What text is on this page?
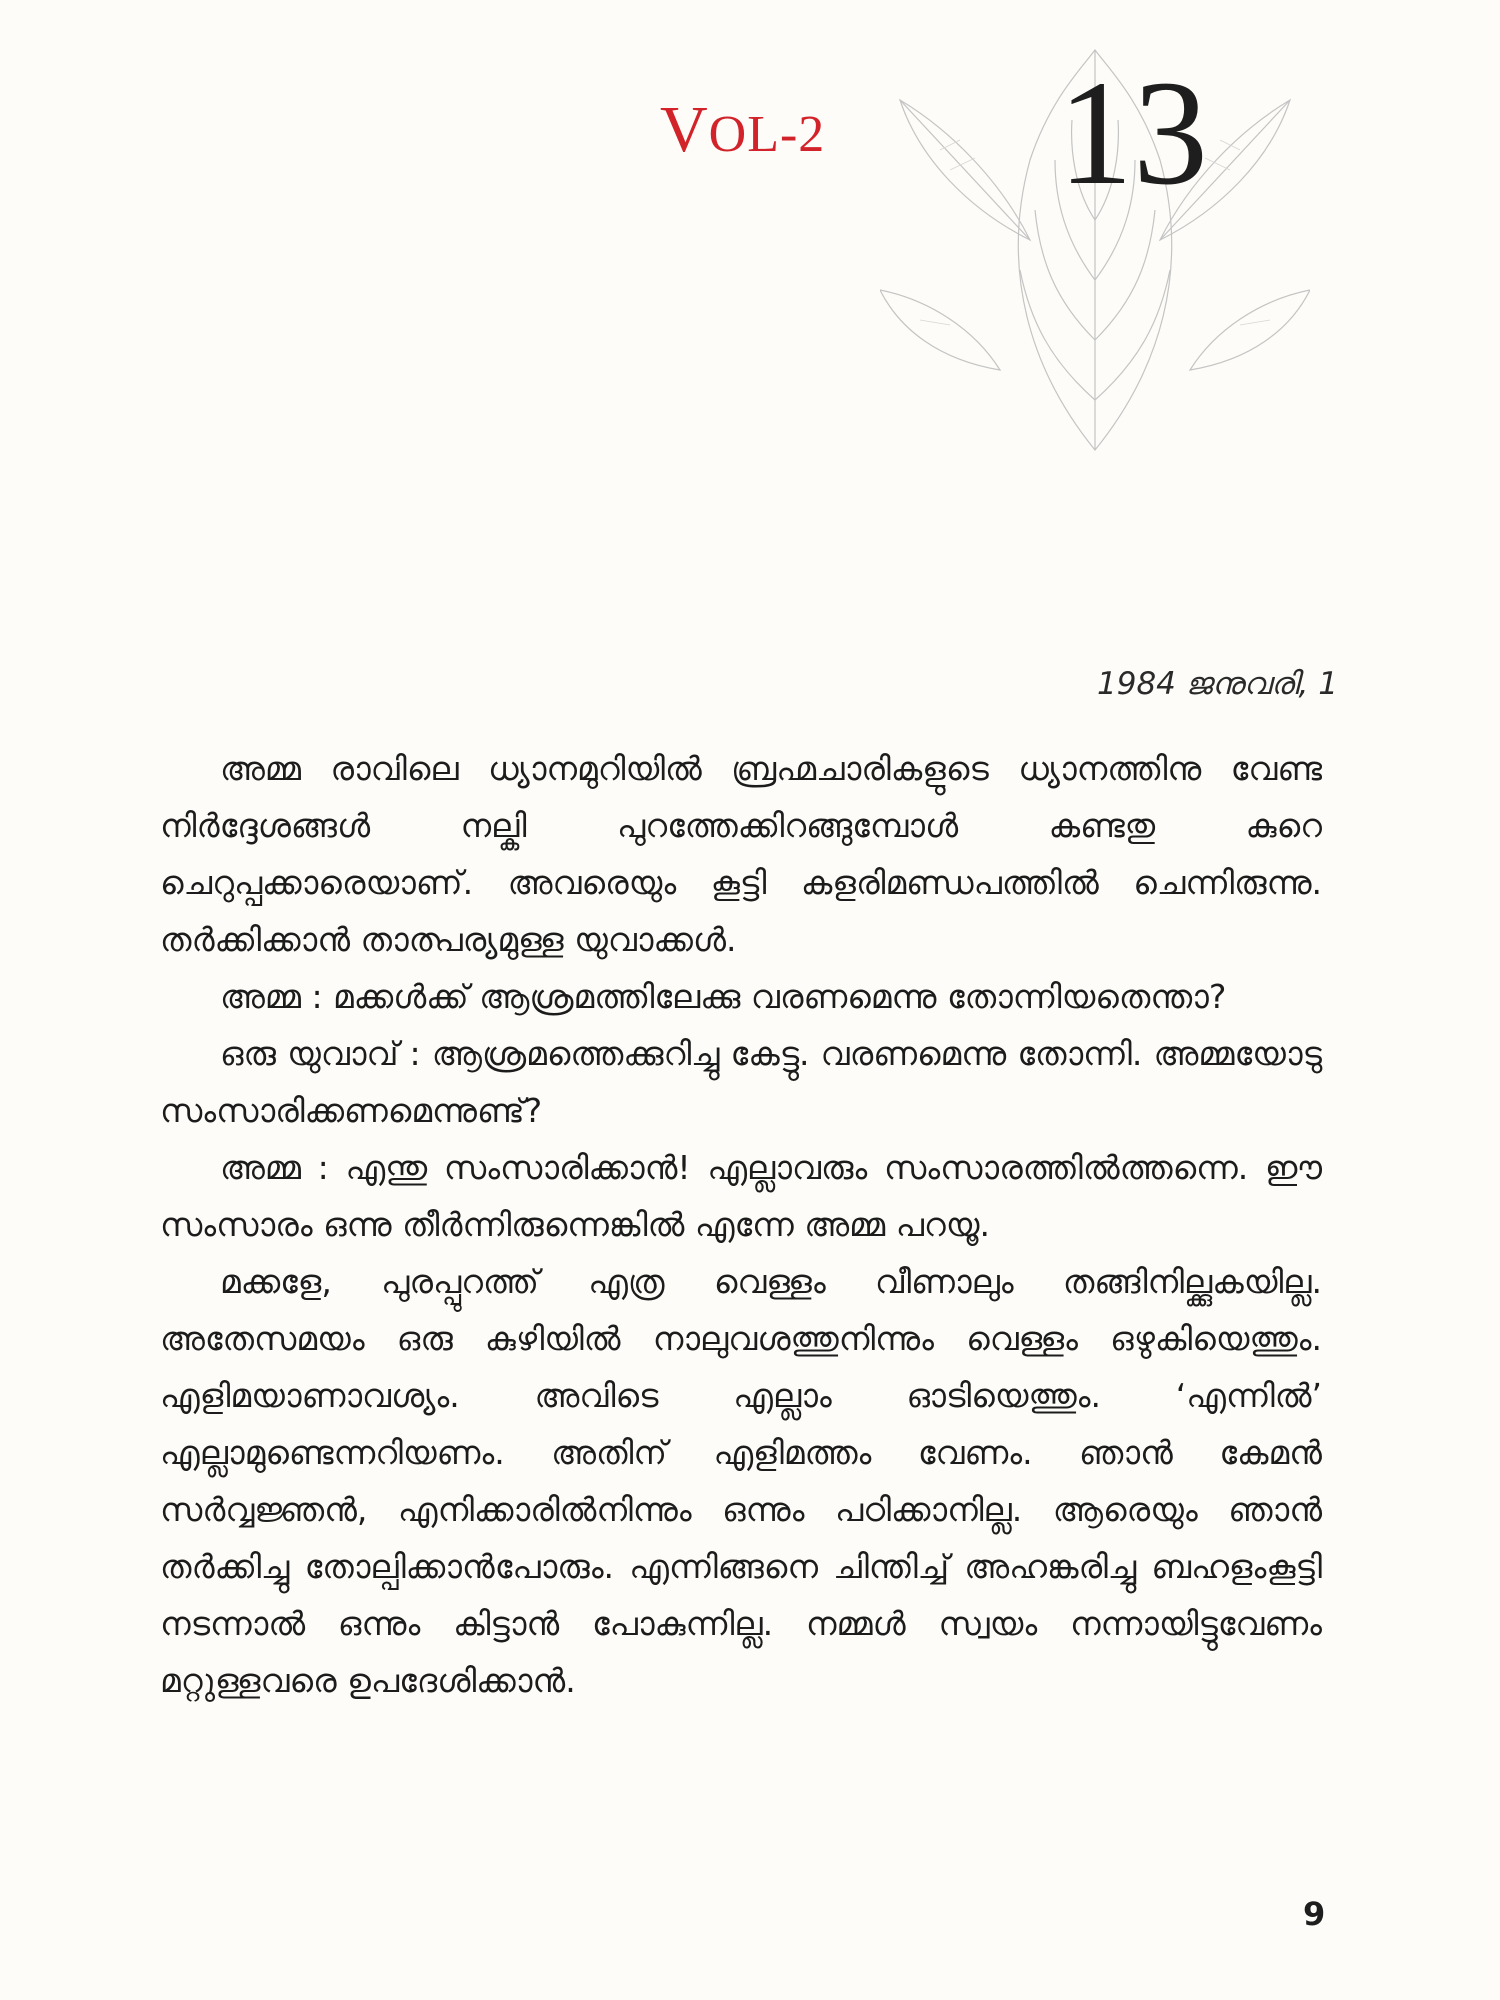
VOL-2 13
1984 ജനുവരി, 1

അമ്മ രാവിലെ ധ്യാനമുറിയിൽ ബ്രഹ്മചാരികളുടെ ധ്യാനത്തിനു വേണ്ട നിർദ്ദേശങ്ങൾ നല്കി പുറത്തേക്കിറങ്ങുമ്പോൾ കണ്ടതു കുറെ ചെറുപ്പക്കാരെയാണ്. അവരെയും കൂട്ടി കളരിമണ്ഡപത്തിൽ ചെന്നിരുന്നു. തർക്കിക്കാൻ താത്പര്യമുള്ള യുവാക്കൾ.

അമ്മ : മക്കൾക്ക് ആശ്രമത്തിലേക്കു വരണമെന്നു തോന്നിയതെന്താ?

ഒരു യുവാവ് : ആശ്രമത്തെക്കുറിച്ചു കേട്ടു. വരണമെന്നു തോന്നി. അമ്മയോടു സംസാരിക്കണമെന്നുണ്ട്?

അമ്മ : എന്തു സംസാരിക്കാൻ! എല്ലാവരും സംസാരത്തിൽത്തന്നെ. ഈ സംസാരം ഒന്നു തീർന്നിരുന്നെങ്കിൽ എന്നേ അമ്മ പറയൂ.

മക്കളേ, പുരപ്പുറത്ത് എത്ര വെള്ളം വീണാലും തങ്ങിനില്ക്കുകയില്ല. അതേസമയം ഒരു കുഴിയിൽ നാലുവശത്തുനിന്നും വെള്ളം ഒഴുകിയെത്തും. എളിമയാണാവശ്യം. അവിടെ എല്ലാം ഓടിയെത്തും. ‘എന്നിൽ’ എല്ലാമുണ്ടെന്നറിയണം. അതിന് എളിമത്തം വേണം. ഞാൻ കേമൻ സർവ്വജ്ഞൻ, എനിക്കാരിൽനിന്നും ഒന്നും പഠിക്കാനില്ല. ആരെയും ഞാൻ തർക്കിച്ചു തോല്പിക്കാൻപോരും. എന്നിങ്ങനെ ചിന്തിച്ച് അഹങ്കരിച്ചു ബഹളംകൂട്ടി നടന്നാൽ ഒന്നും കിട്ടാൻ പോകുന്നില്ല. നമ്മൾ സ്വയം നന്നായിട്ടുവേണം മറ്റുള്ളവരെ ഉപദേശിക്കാൻ.

9
